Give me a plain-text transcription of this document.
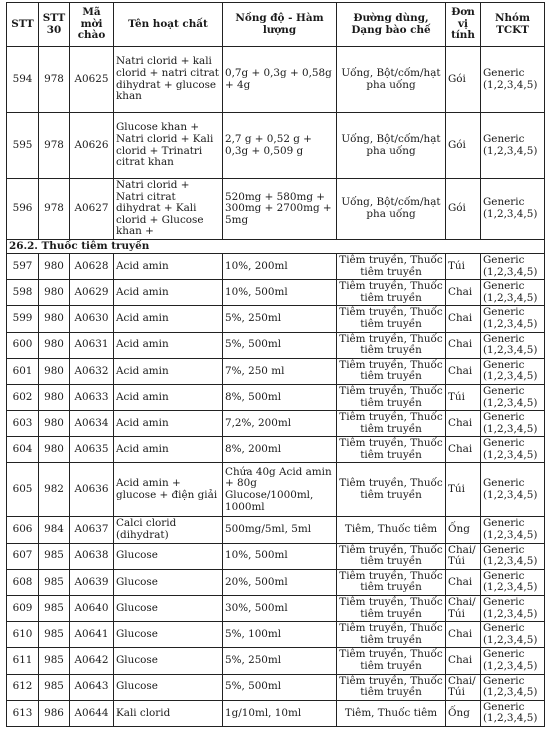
STT	STT 30	Mã mời chào	Tên hoạt chất	Nồng độ - Hàm lượng	Đường dùng, Dạng bào chế	Đơn vị tính	Nhóm TCKT
594	978	A0625	Natri clorid + kali clorid + natri citrat dihydrat + glucose khan	0,7g + 0,3g + 0,58g + 4g	Uống, Bột/cốm/hạt pha uống	Gói	Generic (1,2,3,4,5)
595	978	A0626	Glucose khan + Natri clorid + Kali clorid + Trinatri citrat khan	2,7 g + 0,52 g + 0,3g + 0,509 g	Uống, Bột/cốm/hạt pha uống	Gói	Generic (1,2,3,4,5)
596	978	A0627	Natri clorid + Natri citrat dihydrat + Kali clorid + Glucose khan +	520mg + 580mg + 300mg + 2700mg + 5mg	Uống, Bột/cốm/hạt pha uống	Gói	Generic (1,2,3,4,5)
26.2. Thuốc tiêm truyền							
597	980	A0628	Acid amin	10%, 200ml	Tiêm truyền, Thuốc tiêm truyền	Túi	Generic (1,2,3,4,5)
598	980	A0629	Acid amin	10%, 500ml	Tiêm truyền, Thuốc tiêm truyền	Chai	Generic (1,2,3,4,5)
599	980	A0630	Acid amin	5%, 250ml	Tiêm truyền, Thuốc tiêm truyền	Chai	Generic (1,2,3,4,5)
600	980	A0631	Acid amin	5%, 500ml	Tiêm truyền, Thuốc tiêm truyền	Chai	Generic (1,2,3,4,5)
601	980	A0632	Acid amin	7%, 250 ml	Tiêm truyền, Thuốc tiêm truyền	Chai	Generic (1,2,3,4,5)
602	980	A0633	Acid amin	8%, 500ml	Tiêm truyền, Thuốc tiêm truyền	Túi	Generic (1,2,3,4,5)
603	980	A0634	Acid amin	7,2%, 200ml	Tiêm truyền, Thuốc tiêm truyền	Chai	Generic (1,2,3,4,5)
604	980	A0635	Acid amin	8%, 200ml	Tiêm truyền, Thuốc tiêm truyền	Chai	Generic (1,2,3,4,5)
605	982	A0636	Acid amin + glucose + điện giải	Chứa 40g Acid amin + 80g Glucose/1000ml, 1000ml	Tiêm truyền, Thuốc tiêm truyền	Túi	Generic (1,2,3,4,5)
606	984	A0637	Calci clorid (dihydrat)	500mg/5ml, 5ml	Tiêm, Thuốc tiêm	Ống	Generic (1,2,3,4,5)
607	985	A0638	Glucose	10%, 500ml	Tiêm truyền, Thuốc tiêm truyền	Chai/Túi	Generic (1,2,3,4,5)
608	985	A0639	Glucose	20%, 500ml	Tiêm truyền, Thuốc tiêm truyền	Chai	Generic (1,2,3,4,5)
609	985	A0640	Glucose	30%, 500ml	Tiêm truyền, Thuốc tiêm truyền	Chai/Túi	Generic (1,2,3,4,5)
610	985	A0641	Glucose	5%, 100ml	Tiêm truyền, Thuốc tiêm truyền	Chai	Generic (1,2,3,4,5)
611	985	A0642	Glucose	5%, 250ml	Tiêm truyền, Thuốc tiêm truyền	Chai	Generic (1,2,3,4,5)
612	985	A0643	Glucose	5%, 500ml	Tiêm truyền, Thuốc tiêm truyền	Chai/Túi	Generic (1,2,3,4,5)
613	986	A0644	Kali clorid	1g/10ml, 10ml	Tiêm, Thuốc tiêm	Ống	Generic (1,2,3,4,5)
